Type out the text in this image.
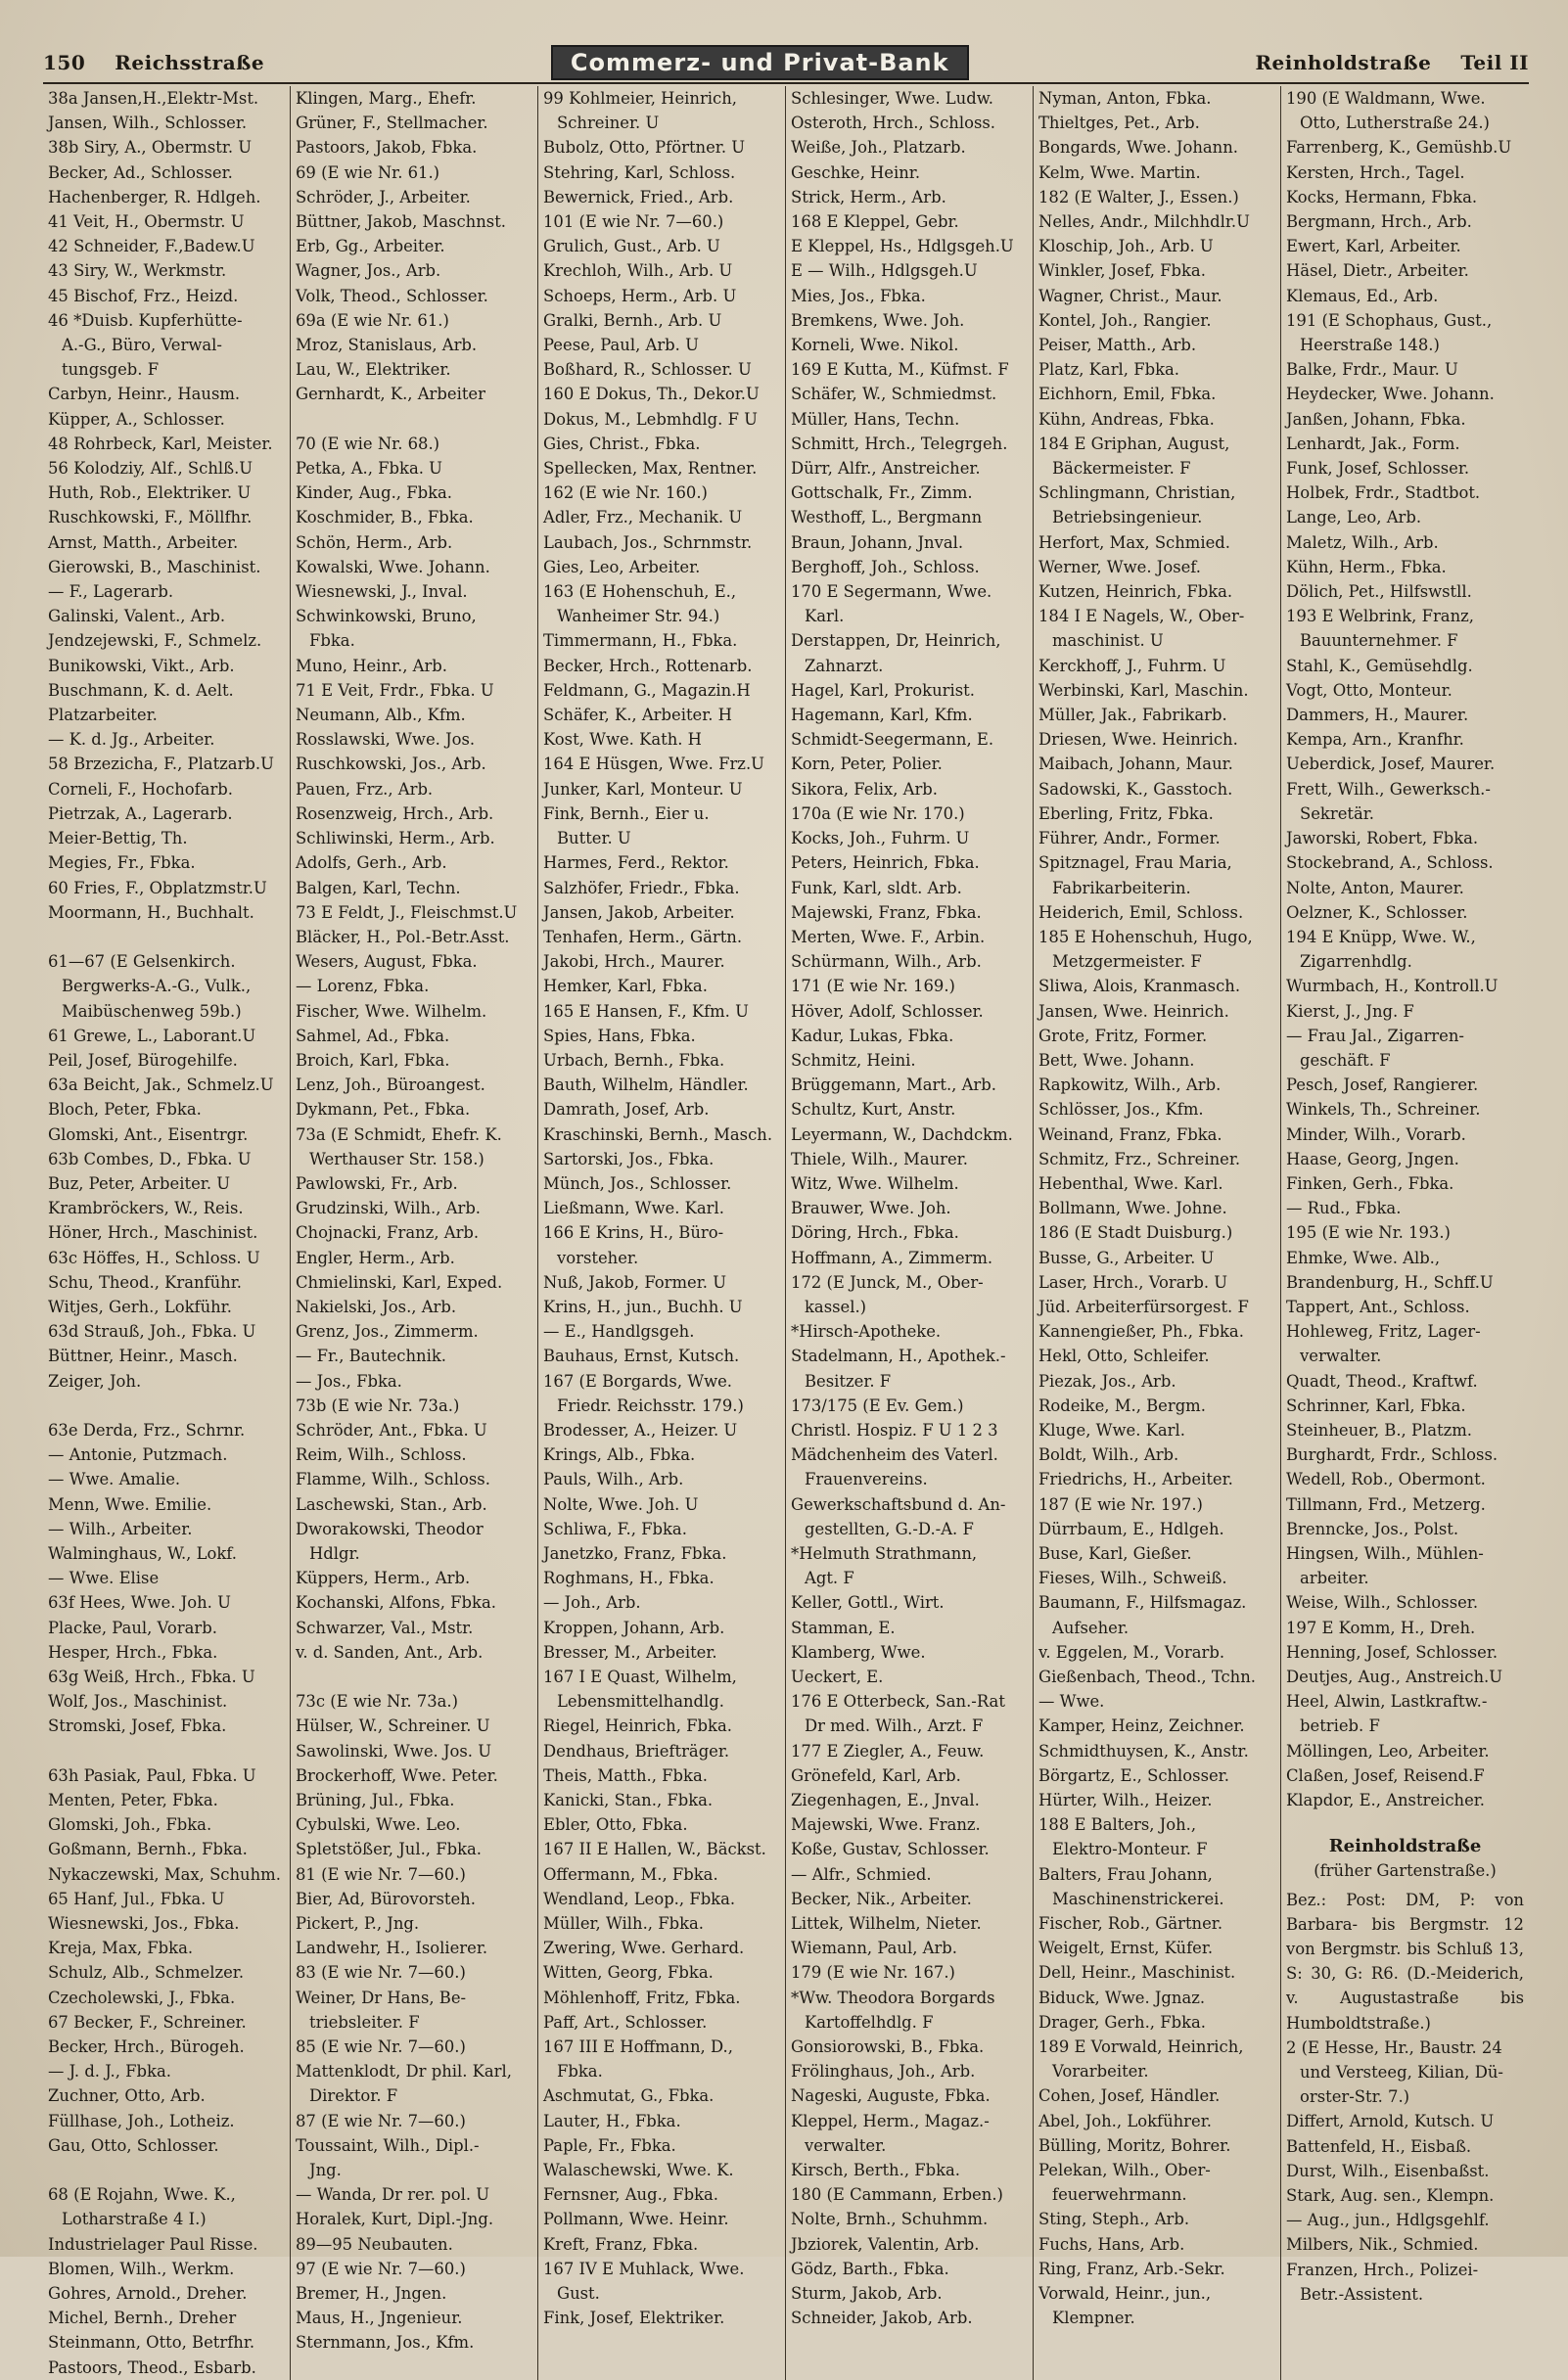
150 Reichsstraße	Commerz- und Privat-Bank	Reinholdstraße Teil II
38a Jansen,H.,Elektr-Mst.
Jansen, Wilh., Schlosser.
38b Siry, A., Obermstr. U
Becker, Ad., Schlosser.
Hachenberger, R. Hdlgeh.
41 Veit, H., Obermstr. U
42 Schneider, F.,Badew.U
43 Siry, W., Werkmstr.
45 Bischof, Frz., Heizd.
46 *Duisb. Kupferhütte-
A.-G., Büro, Verwal-
tungsgeb. F
Carbyn, Heinr., Hausm.
Küpper, A., Schlosser.
48 Rohrbeck, Karl, Meister.
56 Kolodziy, Alf., Schlß.U
Huth, Rob., Elektriker. U
Ruschkowski, F., Möllfhr.
Arnst, Matth., Arbeiter.
Gierowski, B., Maschinist.
— F., Lagerarb.
Galinski, Valent., Arb.
Jendzejewski, F., Schmelz.
Bunikowski, Vikt., Arb.
Buschmann, K. d. Aelt.
Platzarbeiter.
— K. d. Jg., Arbeiter.
58 Brzezicha, F., Platzarb.U
Corneli, F., Hochofarb.
Pietrzak, A., Lagerarb.
Meier-Bettig, Th.
Megies, Fr., Fbka.
60 Fries, F., Obplatzmstr.U
Moormann, H., Buchhalt.

61—67 (E Gelsenkirch.
Bergwerks-A.-G., Vulk.,
Maibüschenweg 59b.)
61 Grewe, L., Laborant.U
Peil, Josef, Bürogehilfe.
63a Beicht, Jak., Schmelz.U
Bloch, Peter, Fbka.
Glomski, Ant., Eisentrgr.
63b Combes, D., Fbka. U
Buz, Peter, Arbeiter. U
Krambröckers, W., Reis.
Höner, Hrch., Maschinist.
63c Höffes, H., Schloss. U
Schu, Theod., Kranführ.
Witjes, Gerh., Lokführ.
63d Strauß, Joh., Fbka. U
Büttner, Heinr., Masch.
Zeiger, Joh.

63e Derda, Frz., Schrnr.
— Antonie, Putzmach.
— Wwe. Amalie.
Menn, Wwe. Emilie.
— Wilh., Arbeiter.
Walminghaus, W., Lokf.
— Wwe. Elise
63f Hees, Wwe. Joh. U
Placke, Paul, Vorarb.
Hesper, Hrch., Fbka.
63g Weiß, Hrch., Fbka. U
Wolf, Jos., Maschinist.
Stromski, Josef, Fbka.

63h Pasiak, Paul, Fbka. U
Menten, Peter, Fbka.
Glomski, Joh., Fbka.
Goßmann, Bernh., Fbka.
Nykaczewski, Max, Schuhm.
65 Hanf, Jul., Fbka. U
Wiesnewski, Jos., Fbka.
Kreja, Max, Fbka.
Schulz, Alb., Schmelzer.
Czecholewski, J., Fbka.
67 Becker, F., Schreiner.
Becker, Hrch., Bürogeh.
— J. d. J., Fbka.
Zuchner, Otto, Arb.
Füllhase, Joh., Lotheiz.
Gau, Otto, Schlosser.

68 (E Rojahn, Wwe. K.,
Lotharstraße 4 I.)
Industrielager Paul Risse.
Blomen, Wilh., Werkm.
Gohres, Arnold., Dreher.
Michel, Bernh., Dreher
Steinmann, Otto, Betrfhr.
Pastoors, Theod., Esbarb.
Klingen, Marg., Ehefr.
Grüner, F., Stellmacher.
Pastoors, Jakob, Fbka.
69 (E wie Nr. 61.)
Schröder, J., Arbeiter.
Büttner, Jakob, Maschnst.
Erb, Gg., Arbeiter.
Wagner, Jos., Arb.
Volk, Theod., Schlosser.
69a (E wie Nr. 61.)
Mroz, Stanislaus, Arb.
Lau, W., Elektriker.
Gernhardt, K., Arbeiter

70 (E wie Nr. 68.)
Petka, A., Fbka. U
Kinder, Aug., Fbka.
Koschmider, B., Fbka.
Schön, Herm., Arb.
Kowalski, Wwe. Johann.
Wiesnewski, J., Inval.
Schwinkowski, Bruno,
Fbka.
Muno, Heinr., Arb.
71 E Veit, Frdr., Fbka. U
Neumann, Alb., Kfm.
Rosslawski, Wwe. Jos.
Ruschkowski, Jos., Arb.
Pauen, Frz., Arb.
Rosenzweig, Hrch., Arb.
Schliwinski, Herm., Arb.
Adolfs, Gerh., Arb.
Balgen, Karl, Techn.
73 E Feldt, J., Fleischmst.U
Bläcker, H., Pol.-Betr.Asst.
Wesers, August, Fbka.
— Lorenz, Fbka.
Fischer, Wwe. Wilhelm.
Sahmel, Ad., Fbka.
Broich, Karl, Fbka.
Lenz, Joh., Büroangest.
Dykmann, Pet., Fbka.
73a (E Schmidt, Ehefr. K.
Werthauser Str. 158.)
Pawlowski, Fr., Arb.
Grudzinski, Wilh., Arb.
Chojnacki, Franz, Arb.
Engler, Herm., Arb.
Chmielinski, Karl, Exped.
Nakielski, Jos., Arb.
Grenz, Jos., Zimmerm.
— Fr., Bautechnik.
— Jos., Fbka.
73b (E wie Nr. 73a.)
Schröder, Ant., Fbka. U
Reim, Wilh., Schloss.
Flamme, Wilh., Schloss.
Laschewski, Stan., Arb.
Dworakowski, Theodor
Hdlgr.
Küppers, Herm., Arb.
Kochanski, Alfons, Fbka.
Schwarzer, Val., Mstr.
v. d. Sanden, Ant., Arb.

73c (E wie Nr. 73a.)
Hülser, W., Schreiner. U
Sawolinski, Wwe. Jos. U
Brockerhoff, Wwe. Peter.
Brüning, Jul., Fbka.
Cybulski, Wwe. Leo.
Spletstößer, Jul., Fbka.
81 (E wie Nr. 7—60.)
Bier, Ad, Bürovorsteh.
Pickert, P., Jng.
Landwehr, H., Isolierer.
83 (E wie Nr. 7—60.)
Weiner, Dr Hans, Be-
triebsleiter. F
85 (E wie Nr. 7—60.)
Mattenklodt, Dr phil. Karl,
Direktor. F
87 (E wie Nr. 7—60.)
Toussaint, Wilh., Dipl.-
Jng.
— Wanda, Dr rer. pol. U
Horalek, Kurt, Dipl.-Jng.
89—95 Neubauten.
97 (E wie Nr. 7—60.)
Bremer, H., Jngen.
Maus, H., Jngenieur.
Sternmann, Jos., Kfm.
99 Kohlmeier, Heinrich,
Schreiner. U
Bubolz, Otto, Pförtner. U
Stehring, Karl, Schloss.
Bewernick, Fried., Arb.
101 (E wie Nr. 7—60.)
Grulich, Gust., Arb. U
Krechloh, Wilh., Arb. U
Schoeps, Herm., Arb. U
Gralki, Bernh., Arb. U
Peese, Paul, Arb. U
Boßhard, R., Schlosser. U
160 E Dokus, Th., Dekor.U
Dokus, M., Lebmhdlg. F U
Gies, Christ., Fbka.
Spellecken, Max, Rentner.
162 (E wie Nr. 160.)
Adler, Frz., Mechanik. U
Laubach, Jos., Schrnmstr.
Gies, Leo, Arbeiter.
163 (E Hohenschuh, E.,
Wanheimer Str. 94.)
Timmermann, H., Fbka.
Becker, Hrch., Rottenarb.
Feldmann, G., Magazin.H
Schäfer, K., Arbeiter. H
Kost, Wwe. Kath. H
164 E Hüsgen, Wwe. Frz.U
Junker, Karl, Monteur. U
Fink, Bernh., Eier u.
Butter. U
Harmes, Ferd., Rektor.
Salzhöfer, Friedr., Fbka.
Jansen, Jakob, Arbeiter.
Tenhafen, Herm., Gärtn.
Jakobi, Hrch., Maurer.
Hemker, Karl, Fbka.
165 E Hansen, F., Kfm. U
Spies, Hans, Fbka.
Urbach, Bernh., Fbka.
Bauth, Wilhelm, Händler.
Damrath, Josef, Arb.
Kraschinski, Bernh., Masch.
Sartorski, Jos., Fbka.
Münch, Jos., Schlosser.
Ließmann, Wwe. Karl.
166 E Krins, H., Büro-
vorsteher.
Nuß, Jakob, Former. U
Krins, H., jun., Buchh. U
— E., Handlgsgeh.
Bauhaus, Ernst, Kutsch.
167 (E Borgards, Wwe.
Friedr. Reichsstr. 179.)
Brodesser, A., Heizer. U
Krings, Alb., Fbka.
Pauls, Wilh., Arb.
Nolte, Wwe. Joh. U
Schliwa, F., Fbka.
Janetzko, Franz, Fbka.
Roghmans, H., Fbka.
— Joh., Arb.
Kroppen, Johann, Arb.
Bresser, M., Arbeiter.
167 I E Quast, Wilhelm,
Lebensmittelhandlg.
Riegel, Heinrich, Fbka.
Dendhaus, Briefträger.
Theis, Matth., Fbka.
Kanicki, Stan., Fbka.
Ebler, Otto, Fbka.
167 II E Hallen, W., Bäckst.
Offermann, M., Fbka.
Wendland, Leop., Fbka.
Müller, Wilh., Fbka.
Zwering, Wwe. Gerhard.
Witten, Georg, Fbka.
Möhlenhoff, Fritz, Fbka.
Paff, Art., Schlosser.
167 III E Hoffmann, D.,
Fbka.
Aschmutat, G., Fbka.
Lauter, H., Fbka.
Paple, Fr., Fbka.
Walaschewski, Wwe. K.
Fernsner, Aug., Fbka.
Pollmann, Wwe. Heinr.
Kreft, Franz, Fbka.
167 IV E Muhlack, Wwe.
Gust.
Fink, Josef, Elektriker.
Schlesinger, Wwe. Ludw.
Osteroth, Hrch., Schloss.
Weiße, Joh., Platzarb.
Geschke, Heinr.
Strick, Herm., Arb.
168 E Kleppel, Gebr.
E Kleppel, Hs., Hdlgsgeh.U
E — Wilh., Hdlgsgeh.U
Mies, Jos., Fbka.
Bremkens, Wwe. Joh.
Korneli, Wwe. Nikol.
169 E Kutta, M., Küfmst. F
Schäfer, W., Schmiedmst.
Müller, Hans, Techn.
Schmitt, Hrch., Telegrgeh.
Dürr, Alfr., Anstreicher.
Gottschalk, Fr., Zimm.
Westhoff, L., Bergmann
Braun, Johann, Jnval.
Berghoff, Joh., Schloss.
170 E Segermann, Wwe.
Karl.
Derstappen, Dr, Heinrich,
Zahnarzt.
Hagel, Karl, Prokurist.
Hagemann, Karl, Kfm.
Schmidt-Seegermann, E.
Korn, Peter, Polier.
Sikora, Felix, Arb.
170a (E wie Nr. 170.)
Kocks, Joh., Fuhrm. U
Peters, Heinrich, Fbka.
Funk, Karl, sldt. Arb.
Majewski, Franz, Fbka.
Merten, Wwe. F., Arbin.
Schürmann, Wilh., Arb.
171 (E wie Nr. 169.)
Höver, Adolf, Schlosser.
Kadur, Lukas, Fbka.
Schmitz, Heini.
Brüggemann, Mart., Arb.
Schultz, Kurt, Anstr.
Leyermann, W., Dachdckm.
Thiele, Wilh., Maurer.
Witz, Wwe. Wilhelm.
Brauwer, Wwe. Joh.
Döring, Hrch., Fbka.
Hoffmann, A., Zimmerm.
172 (E Junck, M., Ober-
kassel.)
*Hirsch-Apotheke.
Stadelmann, H., Apothek.-
Besitzer. F
173/175 (E Ev. Gem.)
Christl. Hospiz. F U 1 2 3
Mädchenheim des Vaterl.
Frauenvereins.
Gewerkschaftsbund d. An-
gestellten, G.-D.-A. F
*Helmuth Strathmann,
Agt. F
Keller, Gottl., Wirt.
Stamman, E.
Klamberg, Wwe.
Ueckert, E.
176 E Otterbeck, San.-Rat
Dr med. Wilh., Arzt. F
177 E Ziegler, A., Feuw.
Grönefeld, Karl, Arb.
Ziegenhagen, E., Jnval.
Majewski, Wwe. Franz.
Koße, Gustav, Schlosser.
— Alfr., Schmied.
Becker, Nik., Arbeiter.
Littek, Wilhelm, Nieter.
Wiemann, Paul, Arb.
179 (E wie Nr. 167.)
*Ww. Theodora Borgards
Kartoffelhdlg. F
Gonsiorowski, B., Fbka.
Frölinghaus, Joh., Arb.
Nageski, Auguste, Fbka.
Kleppel, Herm., Magaz.-
verwalter.
Kirsch, Berth., Fbka.
180 (E Cammann, Erben.)
Nolte, Brnh., Schuhmm.
Jbziorek, Valentin, Arb.
Gödz, Barth., Fbka.
Sturm, Jakob, Arb.
Schneider, Jakob, Arb.
Nyman, Anton, Fbka.
Thieltges, Pet., Arb.
Bongards, Wwe. Johann.
Kelm, Wwe. Martin.
182 (E Walter, J., Essen.)
Nelles, Andr., Milchhdlr.U
Kloschip, Joh., Arb. U
Winkler, Josef, Fbka.
Wagner, Christ., Maur.
Kontel, Joh., Rangier.
Peiser, Matth., Arb.
Platz, Karl, Fbka.
Eichhorn, Emil, Fbka.
Kühn, Andreas, Fbka.
184 E Griphan, August,
Bäckermeister. F
Schlingmann, Christian,
Betriebsingenieur.
Herfort, Max, Schmied.
Werner, Wwe. Josef.
Kutzen, Heinrich, Fbka.
184 I E Nagels, W., Ober-
maschinist. U
Kerckhoff, J., Fuhrm. U
Werbinski, Karl, Maschin.
Müller, Jak., Fabrikarb.
Driesen, Wwe. Heinrich.
Maibach, Johann, Maur.
Sadowski, K., Gasstoch.
Eberling, Fritz, Fbka.
Führer, Andr., Former.
Spitznagel, Frau Maria,
Fabrikarbeiterin.
Heiderich, Emil, Schloss.
185 E Hohenschuh, Hugo,
Metzgermeister. F
Sliwa, Alois, Kranmasch.
Jansen, Wwe. Heinrich.
Grote, Fritz, Former.
Bett, Wwe. Johann.
Rapkowitz, Wilh., Arb.
Schlösser, Jos., Kfm.
Weinand, Franz, Fbka.
Schmitz, Frz., Schreiner.
Hebenthal, Wwe. Karl.
Bollmann, Wwe. Johne.
186 (E Stadt Duisburg.)
Busse, G., Arbeiter. U
Laser, Hrch., Vorarb. U
Jüd. Arbeiterfürsorgest. F
Kannengießer, Ph., Fbka.
Hekl, Otto, Schleifer.
Piezak, Jos., Arb.
Rodeike, M., Bergm.
Kluge, Wwe. Karl.
Boldt, Wilh., Arb.
Friedrichs, H., Arbeiter.
187 (E wie Nr. 197.)
Dürrbaum, E., Hdlgeh.
Buse, Karl, Gießer.
Fieses, Wilh., Schweiß.
Baumann, F., Hilfsmagaz.
Aufseher.
v. Eggelen, M., Vorarb.
Gießenbach, Theod., Tchn.
— Wwe.
Kamper, Heinz, Zeichner.
Schmidthuysen, K., Anstr.
Börgartz, E., Schlosser.
Hürter, Wilh., Heizer.
188 E Balters, Joh.,
Elektro-Monteur. F
Balters, Frau Johann,
Maschinenstrickerei.
Fischer, Rob., Gärtner.
Weigelt, Ernst, Küfer.
Dell, Heinr., Maschinist.
Biduck, Wwe. Jgnaz.
Drager, Gerh., Fbka.
189 E Vorwald, Heinrich,
Vorarbeiter.
Cohen, Josef, Händler.
Abel, Joh., Lokführer.
Bülling, Moritz, Bohrer.
Pelekan, Wilh., Ober-
feuerwehrmann.
Sting, Steph., Arb.
Fuchs, Hans, Arb.
Ring, Franz, Arb.-Sekr.
Vorwald, Heinr., jun.,
Klempner.
190 (E Waldmann, Wwe.
Otto, Lutherstraße 24.)
Farrenberg, K., Gemüshb.U
Kersten, Hrch., Tagel.
Kocks, Hermann, Fbka.
Bergmann, Hrch., Arb.
Ewert, Karl, Arbeiter.
Häsel, Dietr., Arbeiter.
Klemaus, Ed., Arb.
191 (E Schophaus, Gust.,
Heerstraße 148.)
Balke, Frdr., Maur. U
Heydecker, Wwe. Johann.
Janßen, Johann, Fbka.
Lenhardt, Jak., Form.
Funk, Josef, Schlosser.
Holbek, Frdr., Stadtbot.
Lange, Leo, Arb.
Maletz, Wilh., Arb.
Kühn, Herm., Fbka.
Dölich, Pet., Hilfswstll.
193 E Welbrink, Franz,
Bauunternehmer. F
Stahl, K., Gemüsehdlg.
Vogt, Otto, Monteur.
Dammers, H., Maurer.
Kempa, Arn., Kranfhr.
Ueberdick, Josef, Maurer.
Frett, Wilh., Gewerksch.-
Sekretär.
Jaworski, Robert, Fbka.
Stockebrand, A., Schloss.
Nolte, Anton, Maurer.
Oelzner, K., Schlosser.
194 E Knüpp, Wwe. W.,
Zigarrenhdlg.
Wurmbach, H., Kontroll.U
Kierst, J., Jng. F
— Frau Jal., Zigarren-
geschäft. F
Pesch, Josef, Rangierer.
Winkels, Th., Schreiner.
Minder, Wilh., Vorarb.
Haase, Georg, Jngen.
Finken, Gerh., Fbka.
— Rud., Fbka.
195 (E wie Nr. 193.)
Ehmke, Wwe. Alb.,
Brandenburg, H., Schff.U
Tappert, Ant., Schloss.
Hohleweg, Fritz, Lager-
verwalter.
Quadt, Theod., Kraftwf.
Schrinner, Karl, Fbka.
Steinheuer, B., Platzm.
Burghardt, Frdr., Schloss.
Wedell, Rob., Obermont.
Tillmann, Frd., Metzerg.
Brenncke, Jos., Polst.
Hingsen, Wilh., Mühlen-
arbeiter.
Weise, Wilh., Schlosser.
197 E Komm, H., Dreh.
Henning, Josef, Schlosser.
Deutjes, Aug., Anstreich.U
Heel, Alwin, Lastkraftw.-
betrieb. F
Möllingen, Leo, Arbeiter.
Claßen, Josef, Reisend.F
Klapdor, E., Anstreicher.
Reinholdstraße
(früher Gartenstraße.)
Bez.: Post: DM, P: von Barbara- bis Bergmstr. 12 von Bergmstr. bis Schluß 13, S: 30, G: R6. (D.-Meiderich, v. Augustastraße bis Humboldtstraße.)
2 (E Hesse, Hr., Baustr. 24
und Versteeg, Kilian, Dü-
orster-Str. 7.)
Differt, Arnold, Kutsch. U
Battenfeld, H., Eisbaß.
Durst, Wilh., Eisenbaßst.
Stark, Aug. sen., Klempn.
— Aug., jun., Hdlgsgehlf.
Milbers, Nik., Schmied.
Franzen, Hrch., Polizei-
Betr.-Assistent.
